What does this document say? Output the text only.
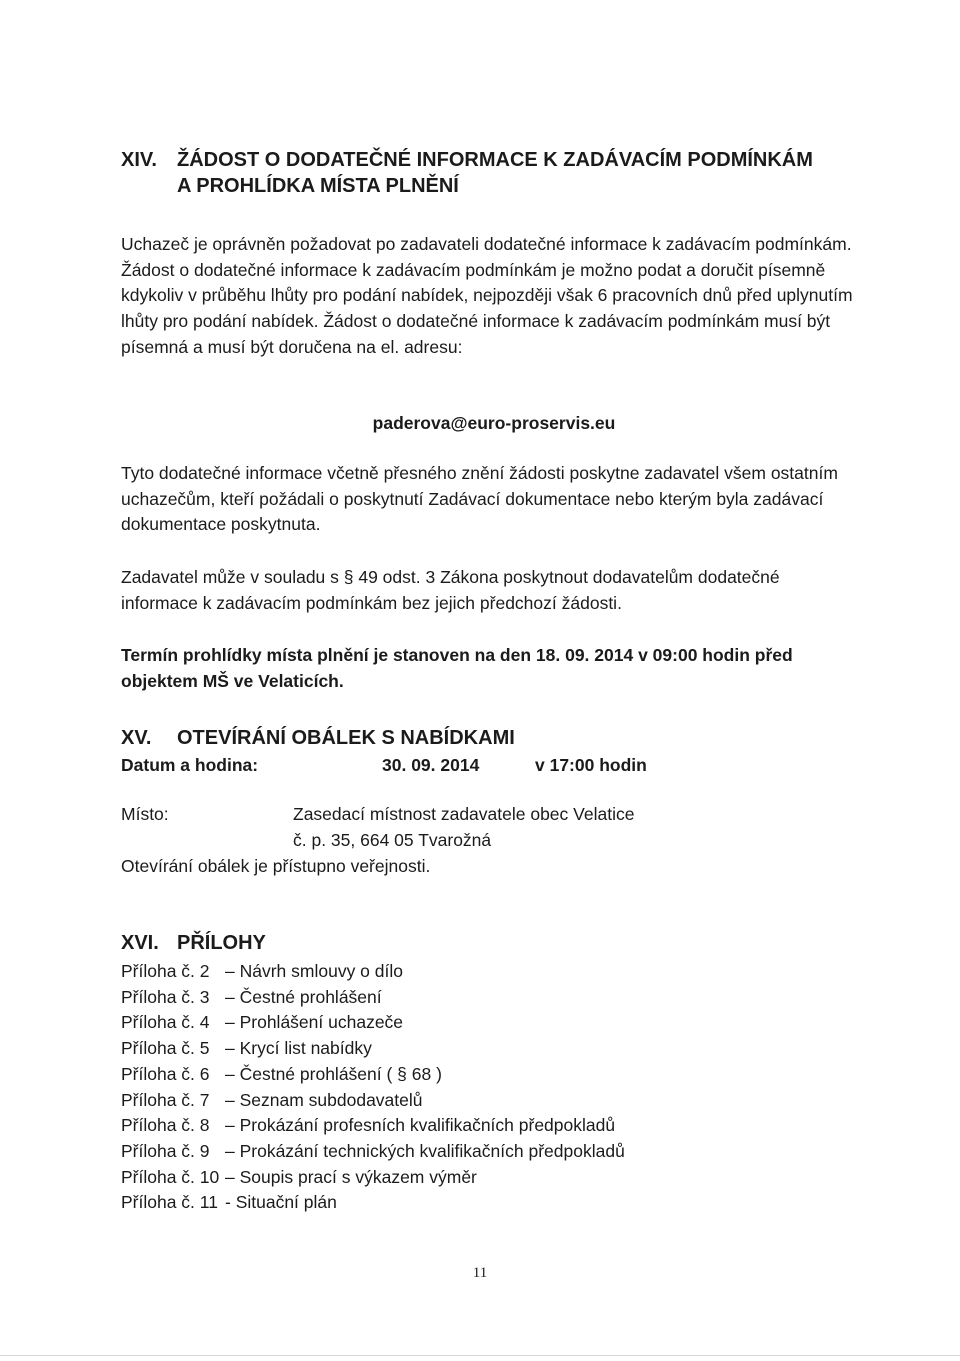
XIV. ŽÁDOST O DODATEČNÉ INFORMACE K ZADÁVACÍM PODMÍNKÁM
A PROHLÍDKA MÍSTA PLNĚNÍ

Uchazeč je oprávněn požadovat po zadavateli dodatečné informace k zadávacím podmínkám.

Žádost o dodatečné informace k zadávacím podmínkám je možno podat a doručit písemně kdykoliv v průběhu lhůty pro podání nabídek, nejpozději však 6 pracovních dnů před uplynutím lhůty pro podání nabídek. Žádost o dodatečné informace k zadávacím podmínkám musí být písemná a musí být doručena na el. adresu:

paderova@euro-proservis.eu

Tyto dodatečné informace včetně přesného znění žádosti poskytne zadavatel všem ostatním uchazečům, kteří požádali o poskytnutí Zadávací dokumentace nebo kterým byla zadávací dokumentace poskytnuta.

Zadavatel může v souladu s § 49 odst. 3 Zákona poskytnout dodavatelům dodatečné informace k zadávacím podmínkám bez jejich předchozí žádosti.

Termín prohlídky místa plnění je stanoven na den 18. 09. 2014 v 09:00 hodin před objektem MŠ ve Velaticích.

XV. OTEVÍRÁNÍ OBÁLEK S NABÍDKAMI
Datum a hodina:	30. 09. 2014	v 17:00 hodin
Místo:	Zasedací místnost zadavatele obec Velatice
č. p. 35, 664 05 Tvarožná
Otevírání obálek je přístupno veřejnosti.
XVI. PŘÍLOHY
Příloha č. 2 – Návrh smlouvy o dílo
Příloha č. 3 – Čestné prohlášení
Příloha č. 4 – Prohlášení uchazeče
Příloha č. 5 – Krycí list nabídky
Příloha č. 6 – Čestné prohlášení ( § 68 )
Příloha č. 7 – Seznam subdodavatelů
Příloha č. 8 – Prokázání profesních kvalifikačních předpokladů
Příloha č. 9 – Prokázání technických kvalifikačních předpokladů
Příloha č. 10 – Soupis prací s výkazem výměr
Příloha č. 11 - Situační plán
11
